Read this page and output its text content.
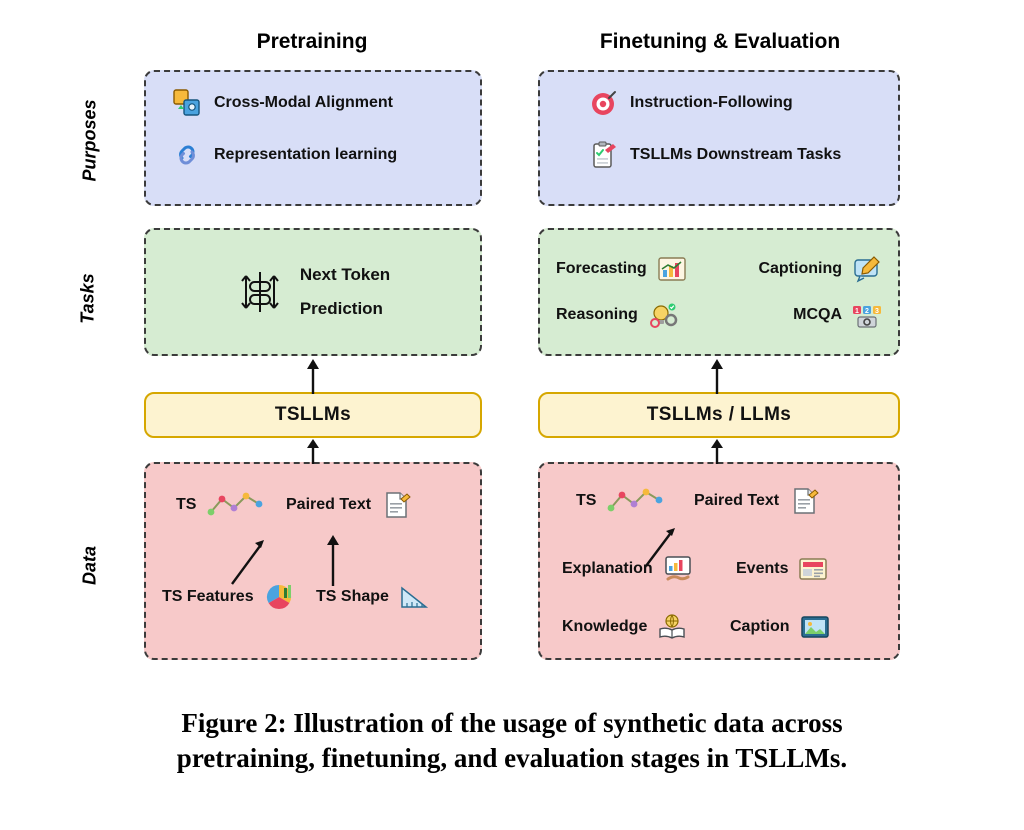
Pretraining	Finetuning & Evaluation
Purposes
Tasks
Data
Cross-Modal Alignment
Representation learning
Instruction-Following
TSLLMs Downstream Tasks
Next Token
Prediction
Forecasting	Captioning
Reasoning	MCQA 1 2 3
TSLLMs	TSLLMs / LLMs
TS	Paired Text
TS Features	TS Shape
TS	Paired Text
Explanation	Events
Knowledge	Caption
Figure 2: Illustration of the usage of synthetic data across
pretraining, finetuning, and evaluation stages in TSLLMs.
